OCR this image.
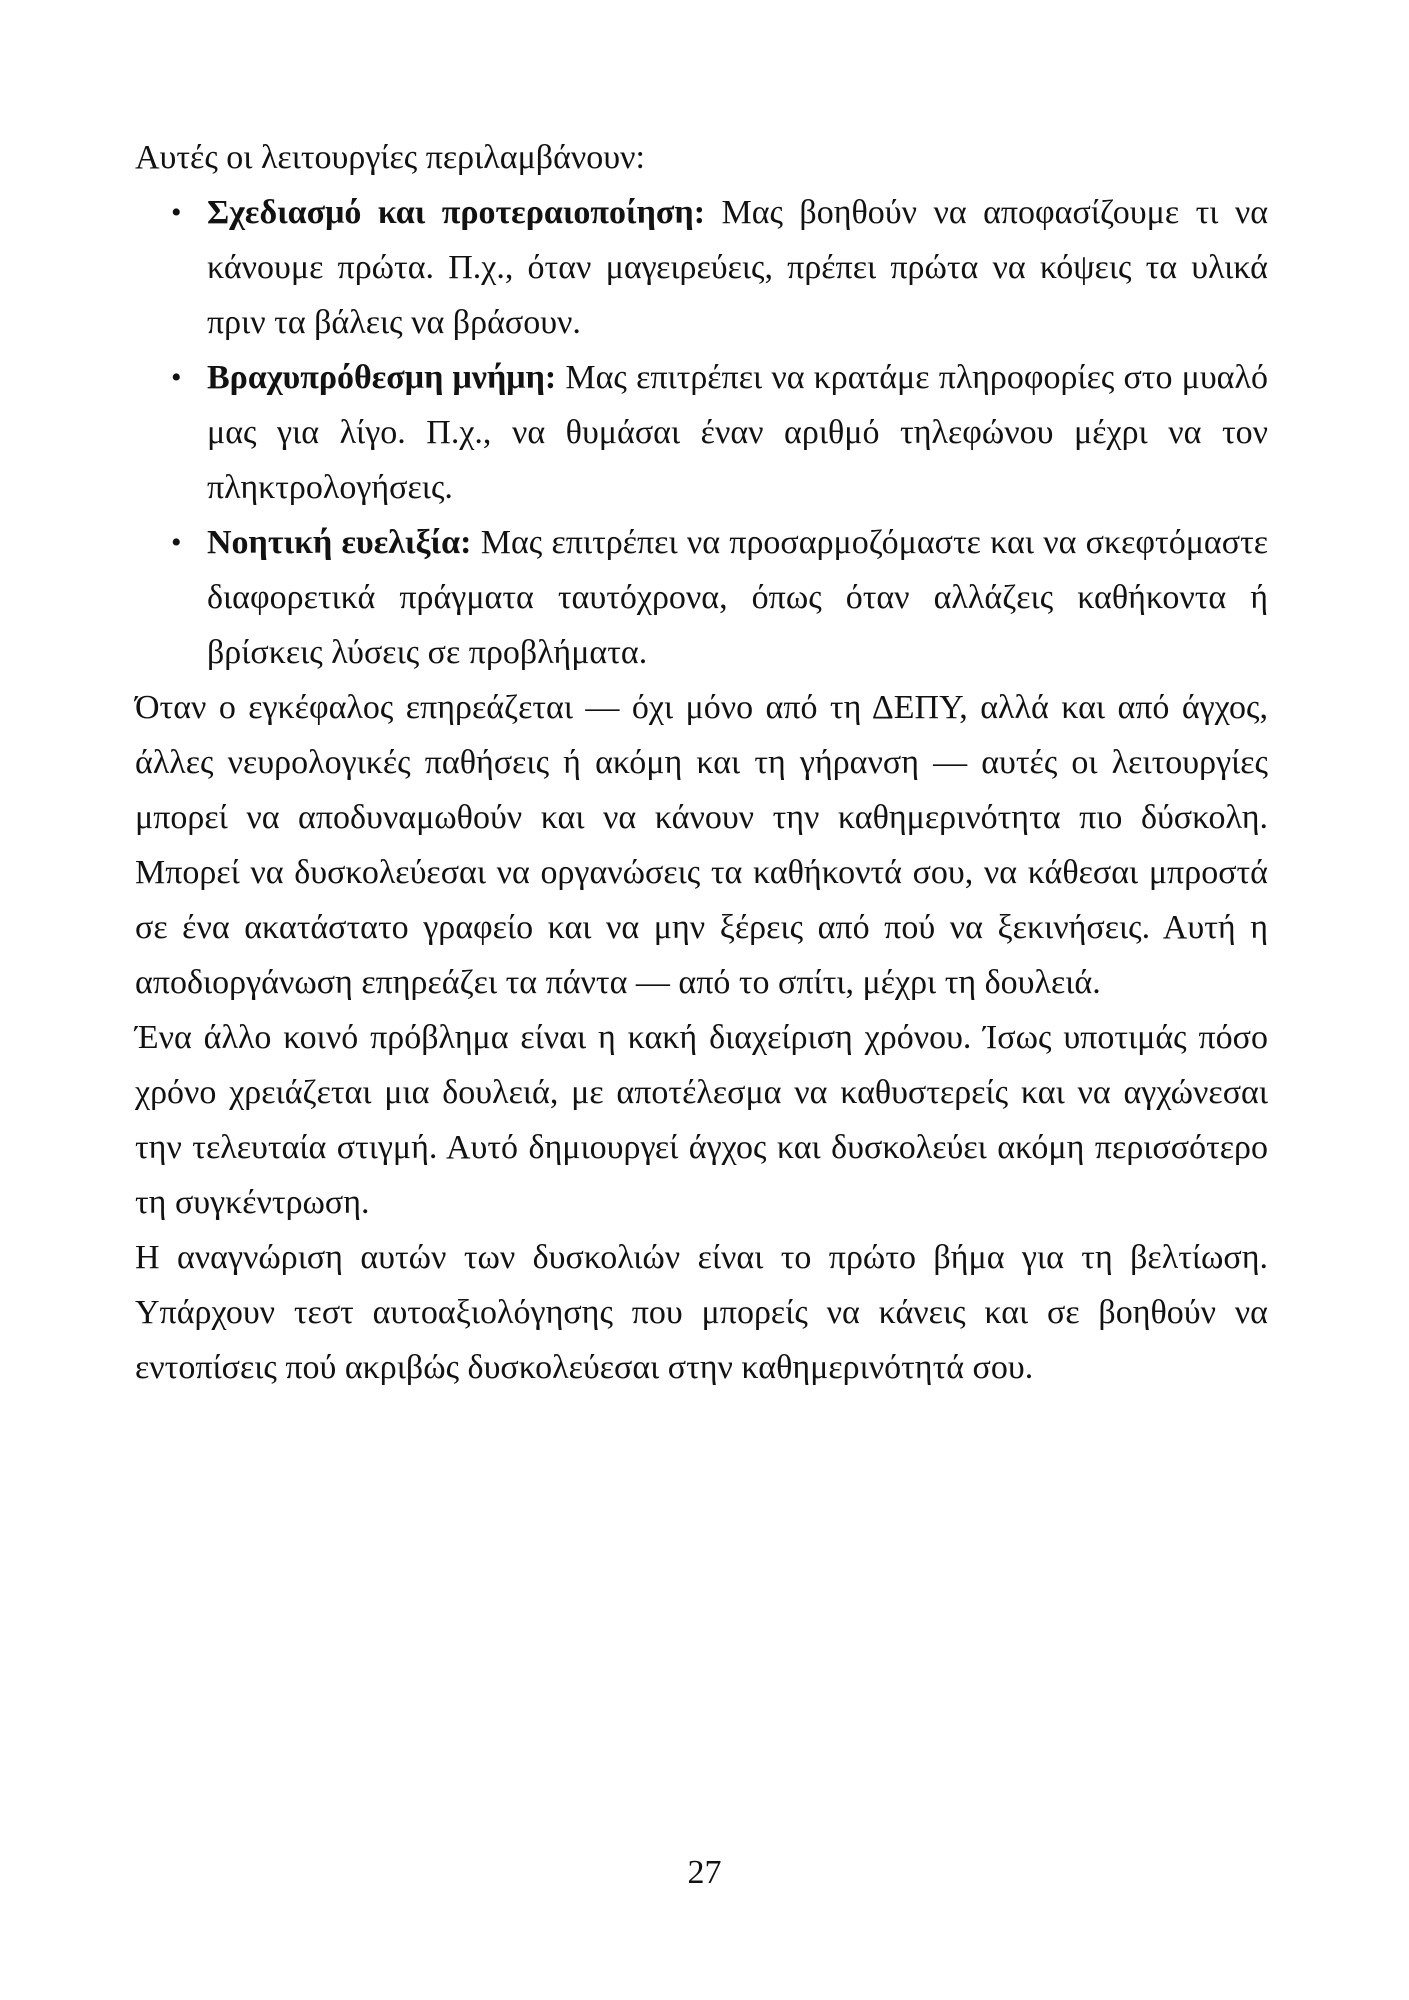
Αυτές οι λειτουργίες περιλαμβάνουν:

• Σχεδιασμό και προτεραιοποίηση: Μας βοηθούν να αποφασίζουμε τι να κάνουμε πρώτα. Π.χ., όταν μαγειρεύεις, πρέπει πρώτα να κόψεις τα υλικά πριν τα βάλεις να βράσουν.
• Βραχυπρόθεσμη μνήμη: Μας επιτρέπει να κρατάμε πληροφορίες στο μυαλό μας για λίγο. Π.χ., να θυμάσαι έναν αριθμό τηλεφώνου μέχρι να τον πληκτρολογήσεις.
• Νοητική ευελιξία: Μας επιτρέπει να προσαρμοζόμαστε και να σκεφτόμαστε διαφορετικά πράγματα ταυτόχρονα, όπως όταν αλλάζεις καθήκοντα ή βρίσκεις λύσεις σε προβλήματα.

Όταν ο εγκέφαλος επηρεάζεται — όχι μόνο από τη ΔΕΠΥ, αλλά και από άγχος, άλλες νευρολογικές παθήσεις ή ακόμη και τη γήρανση — αυτές οι λειτουργίες μπορεί να αποδυναμωθούν και να κάνουν την καθημερινότητα πιο δύσκολη. Μπορεί να δυσκολεύεσαι να οργανώσεις τα καθήκοντά σου, να κάθεσαι μπροστά σε ένα ακατάστατο γραφείο και να μην ξέρεις από πού να ξεκινήσεις. Αυτή η αποδιοργάνωση επηρεάζει τα πάντα — από το σπίτι, μέχρι τη δουλειά.

Ένα άλλο κοινό πρόβλημα είναι η κακή διαχείριση χρόνου. Ίσως υποτιμάς πόσο χρόνο χρειάζεται μια δουλειά, με αποτέλεσμα να καθυστερείς και να αγχώνεσαι την τελευταία στιγμή. Αυτό δημιουργεί άγχος και δυσκολεύει ακόμη περισσότερο τη συγκέντρωση.

Η αναγνώριση αυτών των δυσκολιών είναι το πρώτο βήμα για τη βελτίωση. Υπάρχουν τεστ αυτοαξιολόγησης που μπορείς να κάνεις και σε βοηθούν να εντοπίσεις πού ακριβώς δυσκολεύεσαι στην καθημερινότητά σου.

27
